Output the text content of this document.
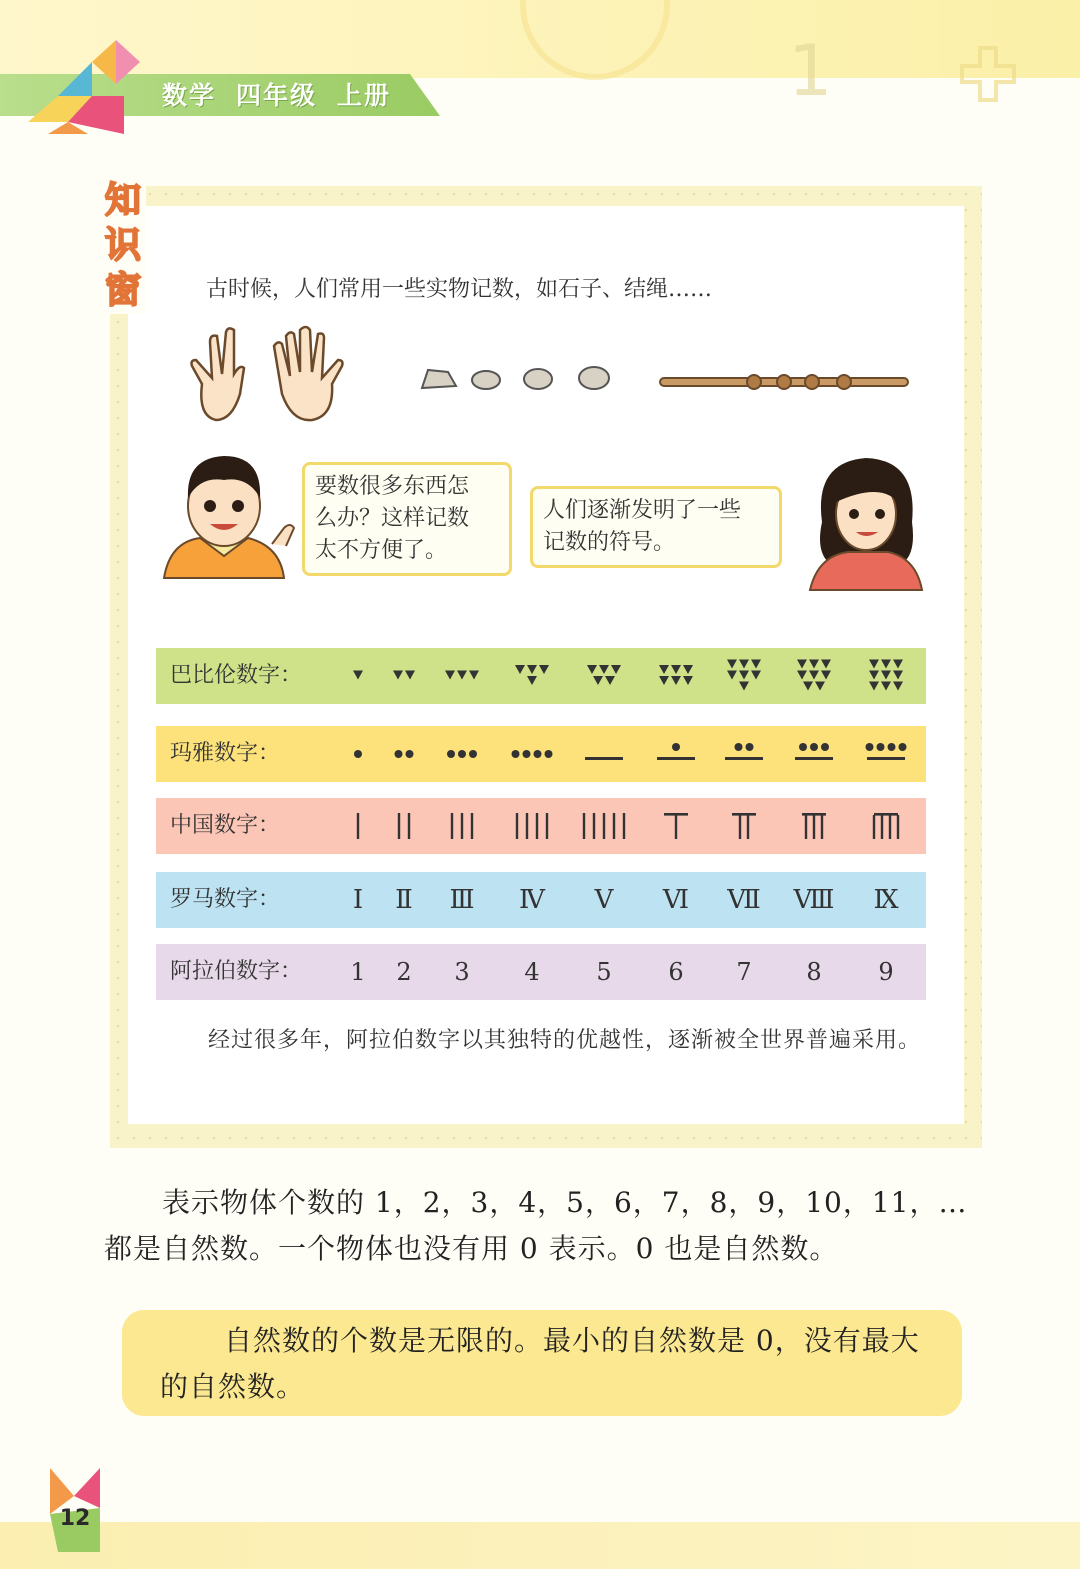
1
数学 四年级 上册
知
识
窗	古时候，人们常用一些实物记数，如石子、结绳……
要数很多东西怎
么办？这样记数
太不方便了。
人们逐渐发明了一些
记数的符号。
巴比伦数字：
玛雅数字：
中国数字：
罗马数字：	Ⅰ Ⅱ Ⅲ Ⅳ Ⅴ Ⅵ Ⅶ Ⅷ Ⅸ
阿拉伯数字： 1 2 3 4 5 6 7 8 9
经过很多年，阿拉伯数字以其独特的优越性，逐渐被全世界普遍采用。

表示物体个数的 1，2，3，4，5，6，7，8，9，10，11，…都是自然数。一个物体也没有用 0 表示。0 也是自然数。

自然数的个数是无限的。最小的自然数是 0，没有最大的自然数。

12
